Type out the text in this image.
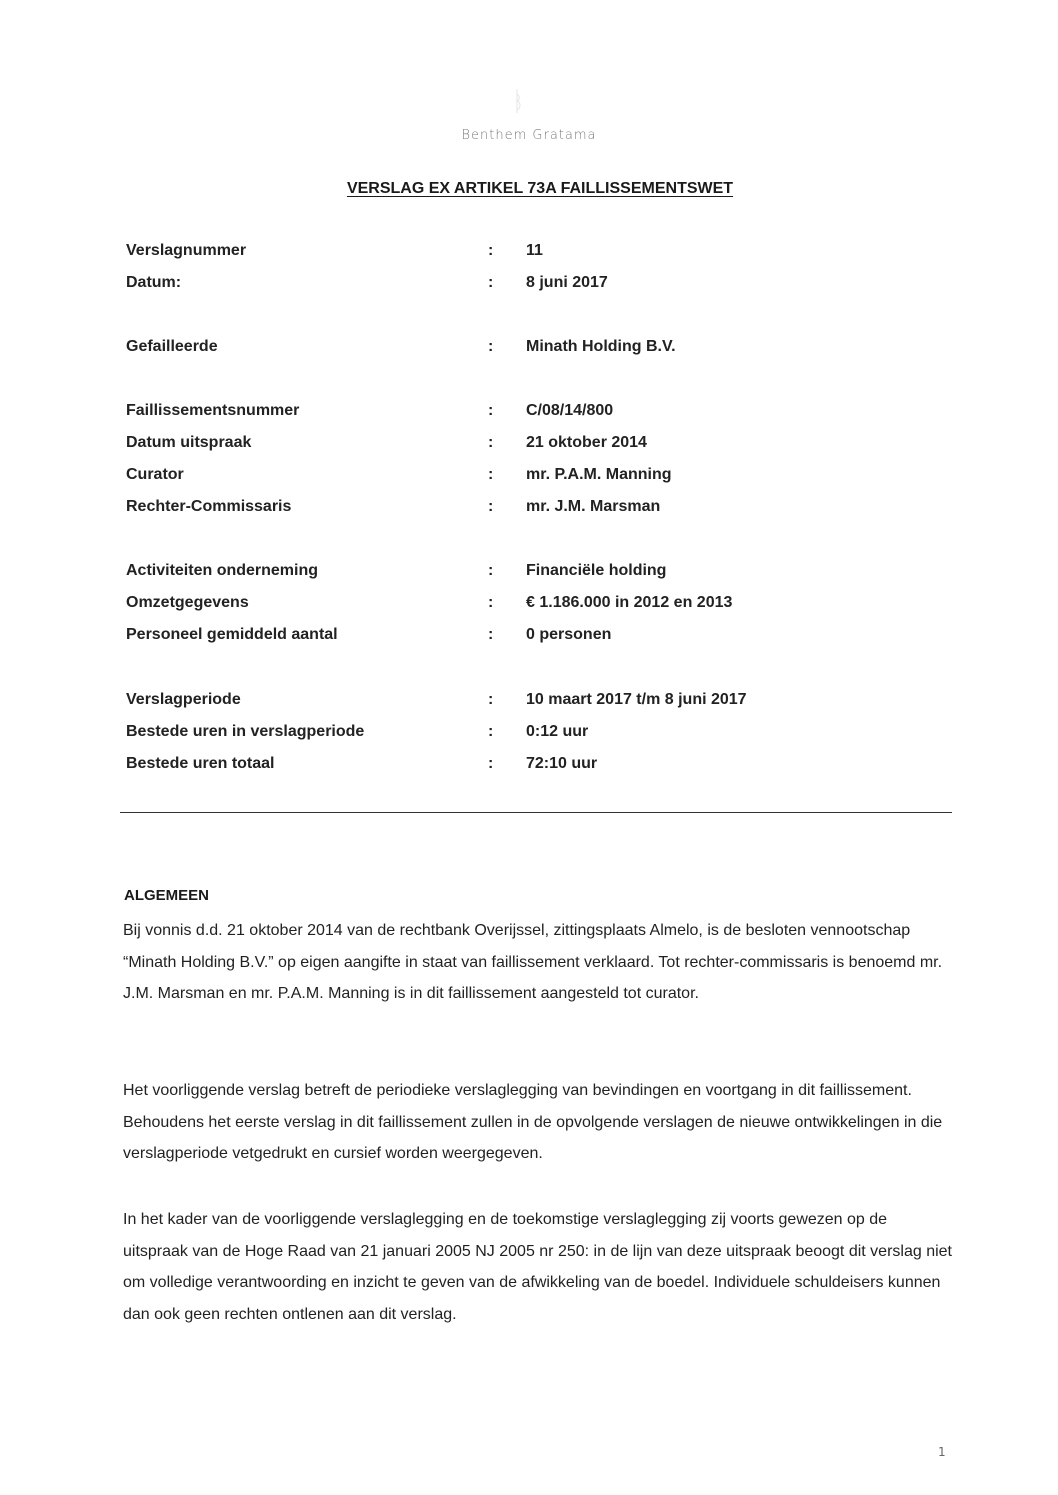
Benthem Gratama
VERSLAG EX ARTIKEL 73A FAILLISSEMENTSWET
Verslagnummer	: 11
Datum:	: 8 juni 2017
Gefailleerde	: Minath Holding B.V.
Faillissementsnummer	: C/08/14/800
Datum uitspraak	: 21 oktober 2014
Curator	: mr. P.A.M. Manning
Rechter-Commissaris	: mr. J.M. Marsman
Activiteiten onderneming	: Financiële holding
Omzetgegevens	: € 1.186.000 in 2012 en 2013
Personeel gemiddeld aantal	: 0 personen
Verslagperiode	: 10 maart 2017 t/m 8 juni 2017
Bestede uren in verslagperiode	: 0:12 uur
Bestede uren totaal	: 72:10 uur
ALGEMEEN
Bij vonnis d.d. 21 oktober 2014 van de rechtbank Overijssel, zittingsplaats Almelo, is de besloten vennootschap “Minath Holding B.V.” op eigen aangifte in staat van faillissement verklaard. Tot rechter-commissaris is benoemd mr. J.M. Marsman en mr. P.A.M. Manning is in dit faillissement aangesteld tot curator.
Het voorliggende verslag betreft de periodieke verslaglegging van bevindingen en voortgang in dit faillissement. Behoudens het eerste verslag in dit faillissement zullen in de opvolgende verslagen de nieuwe ontwikkelingen in die verslagperiode vetgedrukt en cursief worden weergegeven.
In het kader van de voorliggende verslaglegging en de toekomstige verslaglegging zij voorts gewezen op de uitspraak van de Hoge Raad van 21 januari 2005 NJ 2005 nr 250: in de lijn van deze uitspraak beoogt dit verslag niet om volledige verantwoording en inzicht te geven van de afwikkeling van de boedel. Individuele schuldeisers kunnen dan ook geen rechten ontlenen aan dit verslag.
1
